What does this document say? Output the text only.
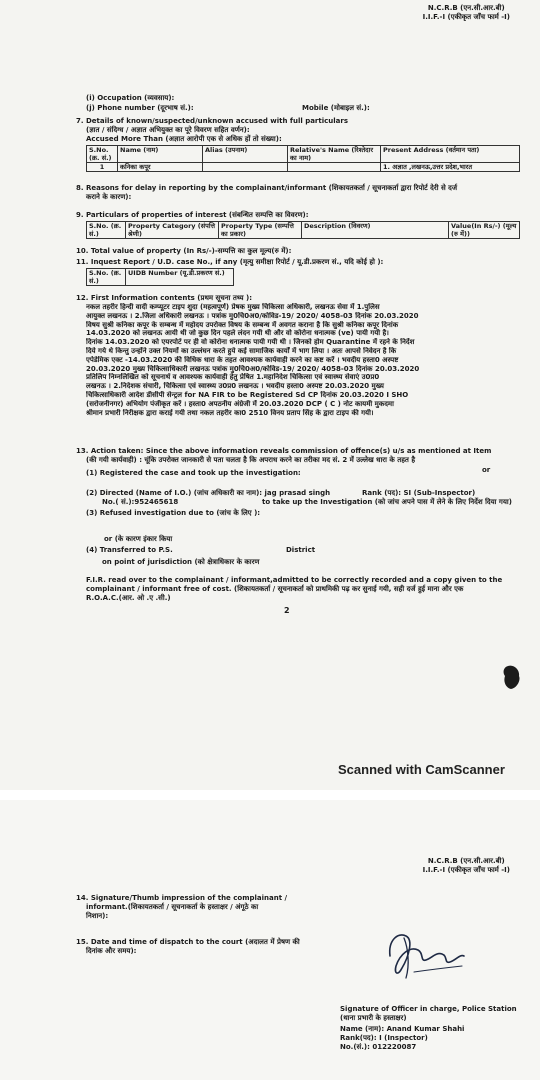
N.C.R.B (एन.सी.आर.बी)
I.I.F.-I (एकीकृत जाँच फार्म -I)
(i) Occupation (व्यवसाय):
(j) Phone number (दूरभाष सं.):	Mobile (मोबाइल सं.):
7. Details of known/suspected/unknown accused with full particulars
(ज्ञात / संदिग्ध / अज्ञात अभियुक्त का पूरे विवरण सहित वर्णन):
Accused More Than (अज्ञात आरोपी एक से अधिक हों तो संख्या):
S.No.(क्र. सं.)	Name (नाम)	Alias (उपनाम)	Relative's Name (रिश्तेदार का नाम)	Present Address (वर्तमान पता)
1	कनिका कपूर			1. अज्ञात ,लखनऊ,उत्तर प्रदेश,भारत
8. Reasons for delay in reporting by the complainant/informant (शिकायतकर्ता / सूचनाकर्ता द्वारा रिपोर्ट देरी से दर्ज
कराने के कारण):
9. Particulars of properties of interest (संबन्धित सम्पत्ति का विवरण):
S.No. (क्र. सं.)	Property Category (संपत्ति श्रेणी)	Property Type (सम्पत्ति का प्रकार)	Description (विवरण)	Value(In Rs/-) (मूल्य (रु में))
10. Total value of property (In Rs/-)-सम्पत्ति का कुल मूल्य(रु में):
11. Inquest Report / U.D. case No., if any (मृत्यु समीक्षा रिपोर्ट / यू.डी.प्रकरण सं., यदि कोई हो ):
S.No. (क्र. सं.)	UIDB Number (यू.डी.प्रकरण सं.)
12. First Information contents (प्रथम सूचना तथ्य ):
नकल तहरीर हिन्दी वादी कम्प्यूटर टाइप शुदा (महत्वपूर्ण) प्रेषक मुख्य चिकित्सा अधिकारी, लखनऊ सेवा में 1.पुलिस
आयुक्त लखनऊ । 2.जिला अधिकारी लखनऊ । पत्रांक मु0चि0अ0/कोविड-19/ 2020/ 4058-03 दिनांक 20.03.2020
विषय सुश्री कनिका कपूर के सम्बन्ध में महोदय उपरोक्त विषय के सम्बन्ध में अवगत कराना है कि सुश्री कनिका कपूर दिनांक
14.03.2020 को लखनऊ आयी थी जो कुछ दिन पहले लंदन गयी थी और वो कोरोना धनात्मक (ve) पायी गयी है।
दिनांक 14.03.2020 को एयरपोर्ट पर ही वो कोरोना धनात्मक पायी गयी थी । जिनको होम Quarantine में रहने के निर्देश
दिये गये थे किन्तु उन्होंने उक्त नियमों का उल्लंघन करते हुये कई सामाजिक कार्यों में भाग लिया । अतः आपसे निवेदन है कि
एपेडेमिक एक्ट -14.03.2020 की विधिक धारा के तहत आवश्यक कार्यवाही करने का कष्ट करें । भवदीय हस्ता0 अस्पष्ट
20.03.2020 मुख्य चिकित्साधिकारी लखनऊ पत्रांक मु0चि0अ0/कोविड-19/ 2020/ 4058-03 दिनांक 20.03.2020
प्रतिलिप निम्नलिखित को सूचनार्थ व आवश्यक कार्यवाही हेतु प्रेषित 1.महानिदेश चिकित्सा एवं स्वास्थ्य सेवाएं उ0प्र0
लखनऊ । 2.निदेशक संचारी, चिकित्सा एवं स्वास्थ्य उ0प्र0 लखनऊ । भवदीय हस्ता0 अस्पष्ट 20.03.2020 मुख्य
चिकित्साधिकारी आदेश डीसीपी सेन्ट्रल for NA FIR to be Registered Sd CP दिनांक 20.03.2020 I SHO
(सरोजनीनगर) अभियोग पंजीकृत करें । हस्ता0 अपठनीय अंग्रेजी में 20.03.2020 DCP ( C ) नोट कायमी मुकदमा
श्रीमान प्रभारी निरीक्षक द्वारा कराई गयी तथा नकल तहरीर का0 2510 विनय प्रताप सिंह के द्वारा टाइप की गयी।
13. Action taken: Since the above information reveals commission of offence(s) u/s as mentioned at Item
(की गयी कार्यवाही) : चूंकि उपरोक्त जानकारी से पता चलता है कि अपराध करने का तरीका मद सं. 2 में उल्लेख धारा के तहत है
(1) Registered the case and took up the investigation:	or
(2) Directed (Name of I.O.) (जांच अधिकारी का नाम): jag prasad singh	Rank (पद): SI (Sub-Inspector)
No.( सं.):952465618	to take up the Investigation (को जांच अपने पास में लेने के लिए निर्देश दिया गया)
(3) Refused investigation due to (जांच के लिए ):
or (के कारण इंकार किया
(4) Transferred to P.S.	District
on point of jurisdiction (को क्षेत्राधिकार के कारण
F.I.R. read over to the complainant / informant,admitted to be correctly recorded and a copy given to the
complainant / informant free of cost. (शिकायतकर्ता / सूचनाकर्ता को प्राथमिकी पढ़ कर सुनाई गयी, सही दर्ज हुई माना और एक
R.O.A.C.(आर. ओ .ए .सी.)
2
Scanned with CamScanner
N.C.R.B (एन.सी.आर.बी)
I.I.F.-I (एकीकृत जाँच फार्म -I)
14. Signature/Thumb impression of the complainant /
informant.(शिकायतकर्ता / सूचनाकर्ता के हस्ताक्षर / अंगूठे का
निशान):
15. Date and time of dispatch to the court (अदालत में प्रेषण की
दिनांक और समय):
Signature of Officer in charge, Police Station
(थाना प्रभारी के हस्ताक्षर)
Name (नाम): Anand Kumar Shahi
Rank(पद): I (Inspector)
No.(सं.): 012220087
